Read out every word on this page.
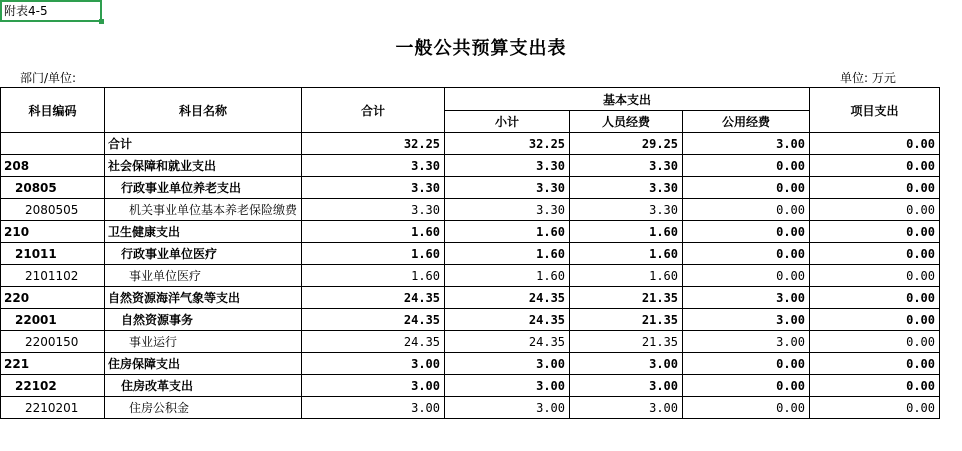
附表4-5
一般公共预算支出表
部门/单位:	单位: 万元
科目编码	科目名称	合计	基本支出			项目支出
			小计	人员经费	公用经费	
	合计	32.25	32.25	29.25	3.00	0.00
208	社会保障和就业支出	3.30	3.30	3.30	0.00	0.00
20805	行政事业单位养老支出	3.30	3.30	3.30	0.00	0.00
2080505	机关事业单位基本养老保险缴费	3.30	3.30	3.30	0.00	0.00
210	卫生健康支出	1.60	1.60	1.60	0.00	0.00
21011	行政事业单位医疗	1.60	1.60	1.60	0.00	0.00
2101102	事业单位医疗	1.60	1.60	1.60	0.00	0.00
220	自然资源海洋气象等支出	24.35	24.35	21.35	3.00	0.00
22001	自然资源事务	24.35	24.35	21.35	3.00	0.00
2200150	事业运行	24.35	24.35	21.35	3.00	0.00
221	住房保障支出	3.00	3.00	3.00	0.00	0.00
22102	住房改革支出	3.00	3.00	3.00	0.00	0.00
2210201	住房公积金	3.00	3.00	3.00	0.00	0.00
